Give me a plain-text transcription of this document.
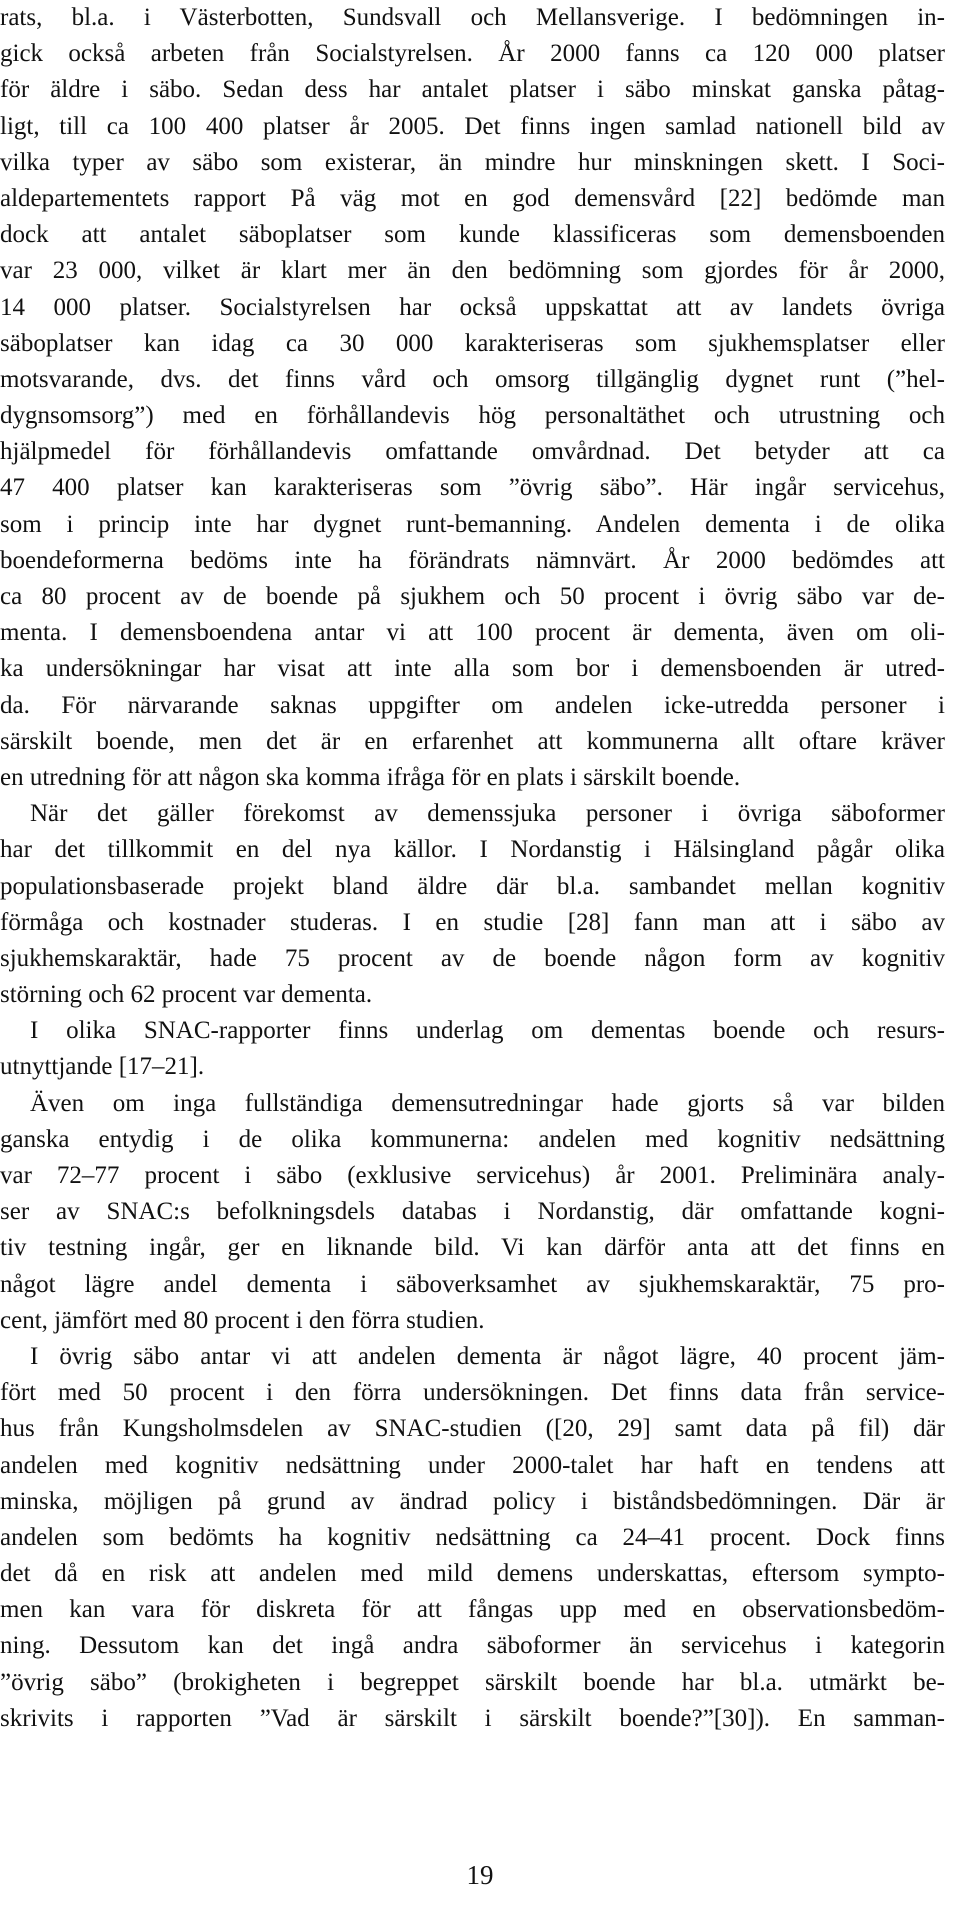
rats, bl.a. i Västerbotten, Sundsvall och Mellansverige. I bedömningen in-
gick också arbeten från Socialstyrelsen. År 2000 fanns ca 120 000 platser
för äldre i säbo. Sedan dess har antalet platser i säbo minskat ganska påtag-
ligt, till ca 100 400 platser år 2005. Det finns ingen samlad nationell bild av
vilka typer av säbo som existerar, än mindre hur minskningen skett. I Soci-
aldepartementets rapport På väg mot en god demensvård [22] bedömde man
dock att antalet säboplatser som kunde klassificeras som demensboenden
var 23 000, vilket är klart mer än den bedömning som gjordes för år 2000,
14 000 platser. Socialstyrelsen har också uppskattat att av landets övriga
säboplatser kan idag ca 30 000 karakteriseras som sjukhemsplatser eller
motsvarande, dvs. det finns vård och omsorg tillgänglig dygnet runt (”hel-
dygnsomsorg”) med en förhållandevis hög personaltäthet och utrustning och
hjälpmedel för förhållandevis omfattande omvårdnad. Det betyder att ca
47 400 platser kan karakteriseras som ”övrig säbo”. Här ingår servicehus,
som i princip inte har dygnet runt-bemanning. Andelen dementa i de olika
boendeformerna bedöms inte ha förändrats nämnvärt. År 2000 bedömdes att
ca 80 procent av de boende på sjukhem och 50 procent i övrig säbo var de-
menta. I demensboendena antar vi att 100 procent är dementa, även om oli-
ka undersökningar har visat att inte alla som bor i demensboenden är utred-
da. För närvarande saknas uppgifter om andelen icke-utredda personer i
särskilt boende, men det är en erfarenhet att kommunerna allt oftare kräver
en utredning för att någon ska komma ifråga för en plats i särskilt boende.
När det gäller förekomst av demenssjuka personer i övriga säboformer
har det tillkommit en del nya källor. I Nordanstig i Hälsingland pågår olika
populationsbaserade projekt bland äldre där bl.a. sambandet mellan kognitiv
förmåga och kostnader studeras. I en studie [28] fann man att i säbo av
sjukhemskaraktär, hade 75 procent av de boende någon form av kognitiv
störning och 62 procent var dementa.
I olika SNAC-rapporter finns underlag om dementas boende och resurs-
utnyttjande [17–21].
Även om inga fullständiga demensutredningar hade gjorts så var bilden
ganska entydig i de olika kommunerna: andelen med kognitiv nedsättning
var 72–77 procent i säbo (exklusive servicehus) år 2001. Preliminära analy-
ser av SNAC:s befolkningsdels databas i Nordanstig, där omfattande kogni-
tiv testning ingår, ger en liknande bild. Vi kan därför anta att det finns en
något lägre andel dementa i säboverksamhet av sjukhemskaraktär, 75 pro-
cent, jämfört med 80 procent i den förra studien.
I övrig säbo antar vi att andelen dementa är något lägre, 40 procent jäm-
fört med 50 procent i den förra undersökningen. Det finns data från service-
hus från Kungsholmsdelen av SNAC-studien ([20, 29] samt data på fil) där
andelen med kognitiv nedsättning under 2000-talet har haft en tendens att
minska, möjligen på grund av ändrad policy i biståndsbedömningen. Där är
andelen som bedömts ha kognitiv nedsättning ca 24–41 procent. Dock finns
det då en risk att andelen med mild demens underskattas, eftersom sympto-
men kan vara för diskreta för att fångas upp med en observationsbedöm-
ning. Dessutom kan det ingå andra säboformer än servicehus i kategorin
”övrig säbo” (brokigheten i begreppet särskilt boende har bl.a. utmärkt be-
skrivits i rapporten ”Vad är särskilt i särskilt boende?”[30]). En samman-
19
